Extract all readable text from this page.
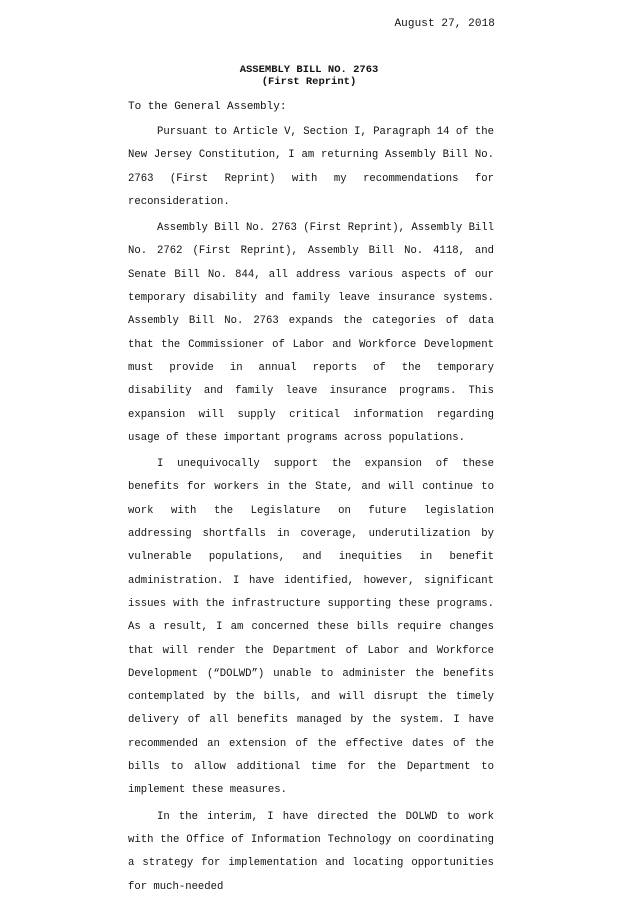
August 27, 2018
ASSEMBLY BILL NO. 2763
(First Reprint)
To the General Assembly:

Pursuant to Article V, Section I, Paragraph 14 of the New Jersey Constitution, I am returning Assembly Bill No. 2763 (First Reprint) with my recommendations for reconsideration.

Assembly Bill No. 2763 (First Reprint), Assembly Bill No. 2762 (First Reprint), Assembly Bill No. 4118, and Senate Bill No. 844, all address various aspects of our temporary disability and family leave insurance systems. Assembly Bill No. 2763 expands the categories of data that the Commissioner of Labor and Workforce Development must provide in annual reports of the temporary disability and family leave insurance programs. This expansion will supply critical information regarding usage of these important programs across populations.

I unequivocally support the expansion of these benefits for workers in the State, and will continue to work with the Legislature on future legislation addressing shortfalls in coverage, underutilization by vulnerable populations, and inequities in benefit administration. I have identified, however, significant issues with the infrastructure supporting these programs. As a result, I am concerned these bills require changes that will render the Department of Labor and Workforce Development (“DOLWD”) unable to administer the benefits contemplated by the bills, and will disrupt the timely delivery of all benefits managed by the system. I have recommended an extension of the effective dates of the bills to allow additional time for the Department to implement these measures.

In the interim, I have directed the DOLWD to work with the Office of Information Technology on coordinating a strategy for implementation and locating opportunities for much-needed
